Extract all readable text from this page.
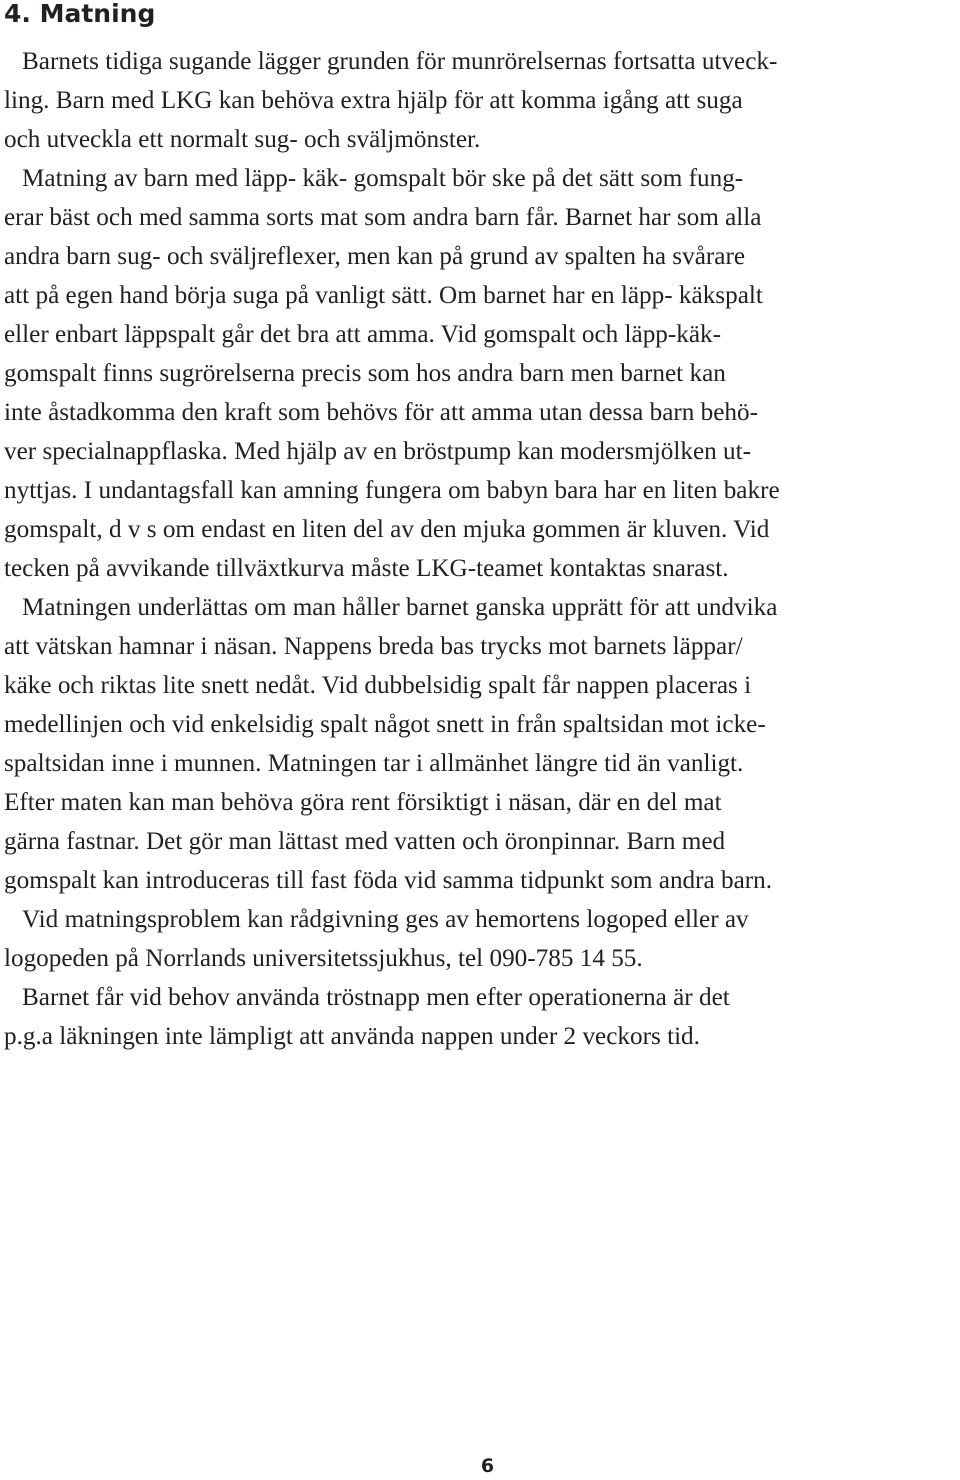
4. Matning
Barnets tidiga sugande lägger grunden för munrörelsernas fortsatta utveck-
ling. Barn med LKG kan behöva extra hjälp för att komma igång att suga
och utveckla ett normalt sug- och sväljmönster.
Matning av barn med läpp- käk- gomspalt bör ske på det sätt som fung-
erar bäst och med samma sorts mat som andra barn får. Barnet har som alla
andra barn sug- och sväljreflexer, men kan på grund av spalten ha svårare
att på egen hand börja suga på vanligt sätt. Om barnet har en läpp- käkspalt
eller enbart läppspalt går det bra att amma. Vid gomspalt och läpp-käk-
gomspalt finns sugrörelserna precis som hos andra barn men barnet kan
inte åstadkomma den kraft som behövs för att amma utan dessa barn behö-
ver specialnappflaska. Med hjälp av en bröstpump kan modersmjölken ut-
nyttjas. I undantagsfall kan amning fungera om babyn bara har en liten bakre
gomspalt, d v s om endast en liten del av den mjuka gommen är kluven. Vid
tecken på avvikande tillväxtkurva måste LKG-teamet kontaktas snarast.
Matningen underlättas om man håller barnet ganska upprätt för att undvika
att vätskan hamnar i näsan. Nappens breda bas trycks mot barnets läppar/
käke och riktas lite snett nedåt. Vid dubbelsidig spalt får nappen placeras i
medellinjen och vid enkelsidig spalt något snett in från spaltsidan mot icke-
spaltsidan inne i munnen. Matningen tar i allmänhet längre tid än vanligt.
Efter maten kan man behöva göra rent försiktigt i näsan, där en del mat
gärna fastnar. Det gör man lättast med vatten och öronpinnar. Barn med
gomspalt kan introduceras till fast föda vid samma tidpunkt som andra barn.
Vid matningsproblem kan rådgivning ges av hemortens logoped eller av
logopeden på Norrlands universitetssjukhus, tel 090-785 14 55.
Barnet får vid behov använda tröstnapp men efter operationerna är det
p.g.a läkningen inte lämpligt att använda nappen under 2 veckors tid.

6
